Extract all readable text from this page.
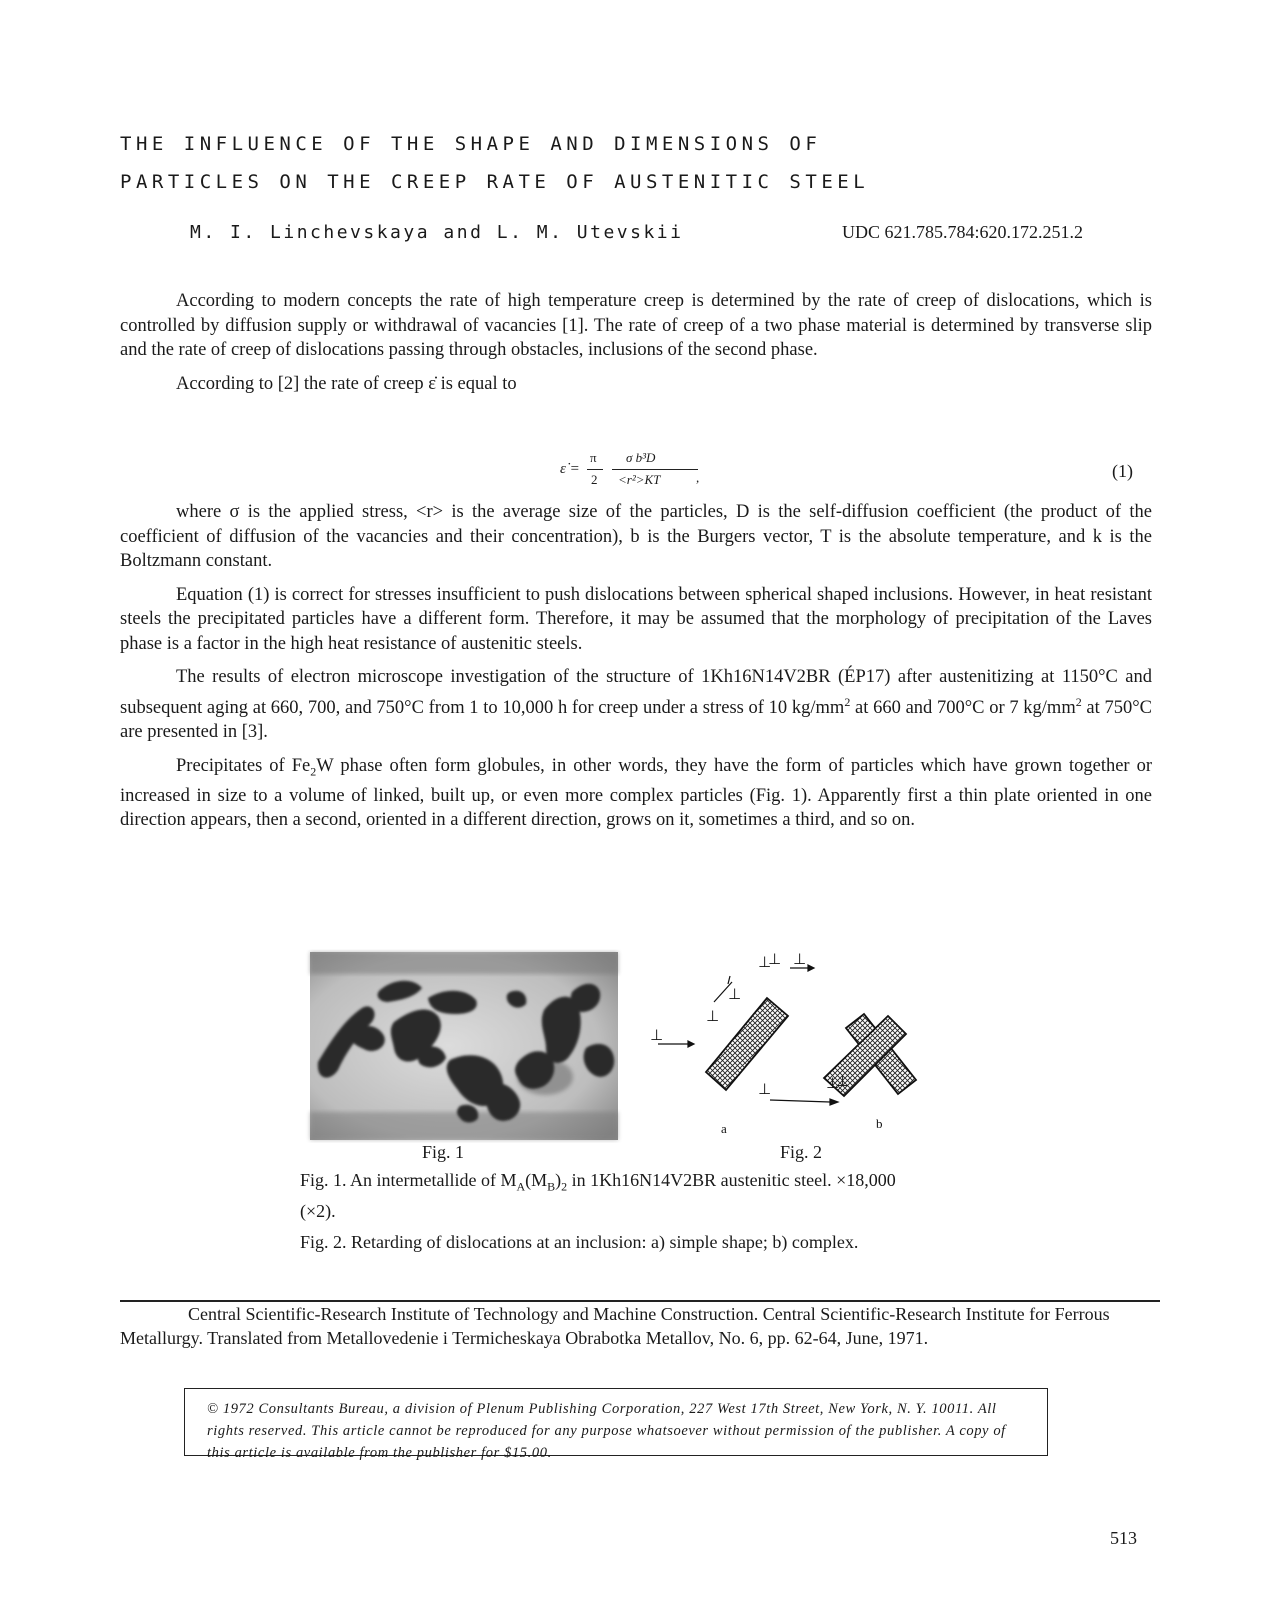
THE INFLUENCE OF THE SHAPE AND DIMENSIONS OF
PARTICLES ON THE CREEP RATE OF AUSTENITIC STEEL
M. I. Linchevskaya and L. M. Utevskii	UDC 621.785.784:620.172.251.2

According to modern concepts the rate of high temperature creep is determined by the rate of creep of dislocations, which is controlled by diffusion supply or withdrawal of vacancies [1]. The rate of creep of a two phase material is determined by transverse slip and the rate of creep of dislocations passing through obstacles, inclusions of the second phase.

According to [2] the rate of creep ε̇ is equal to

ε̇ =
π
2
σ b³D
<r²>KT	,	(1)

where σ is the applied stress, <r> is the average size of the particles, D is the self-diffusion coefficient (the product of the coefficient of diffusion of the vacancies and their concentration), b is the Burgers vector, T is the absolute temperature, and k is the Boltzmann constant.

Equation (1) is correct for stresses insufficient to push dislocations between spherical shaped inclusions. However, in heat resistant steels the precipitated particles have a different form. Therefore, it may be assumed that the morphology of precipitation of the Laves phase is a factor in the high heat resistance of austenitic steels.

The results of electron microscope investigation of the structure of 1Kh16N14V2BR (ÉP17) after austenitizing at 1150°C and subsequent aging at 660, 700, and 750°C from 1 to 10,000 h for creep under a stress of 10 $kg/mm^2$ at 660 and 700°C or 7 $kg/mm^2$ at 750°C are presented in [3].

Precipitates of $Fe_2W$ phase often form globules, in other words, they have the form of particles which have grown together or increased in size to a volume of linked, built up, or even more complex particles (Fig. 1). Apparently first a thin plate oriented in one direction appears, then a second, oriented in a different direction, grows on it, sometimes a third, and so on.

⊥
⊥
⊥ ⊥
⊥
⊥
⊥	⊥
⊥
a	b
Fig. 1	Fig. 2
Fig. 1. An intermetallide of $M_A(M_B)_2$ in 1Kh16N14V2BR austenitic steel. ×18,000 (×2).
Fig. 2. Retarding of dislocations at an inclusion: a) simple shape; b) complex.

Central Scientific-Research Institute of Technology and Machine Construction. Central Scientific-Research Institute for Ferrous Metallurgy. Translated from Metallovedenie i Termicheskaya Obrabotka Metallov, No. 6, pp. 62-64, June, 1971.

© 1972 Consultants Bureau, a division of Plenum Publishing Corporation, 227 West 17th Street, New York, N. Y. 10011. All rights reserved. This article cannot be reproduced for any purpose whatsoever without permission of the publisher. A copy of this article is available from the publisher for $15.00.
513
